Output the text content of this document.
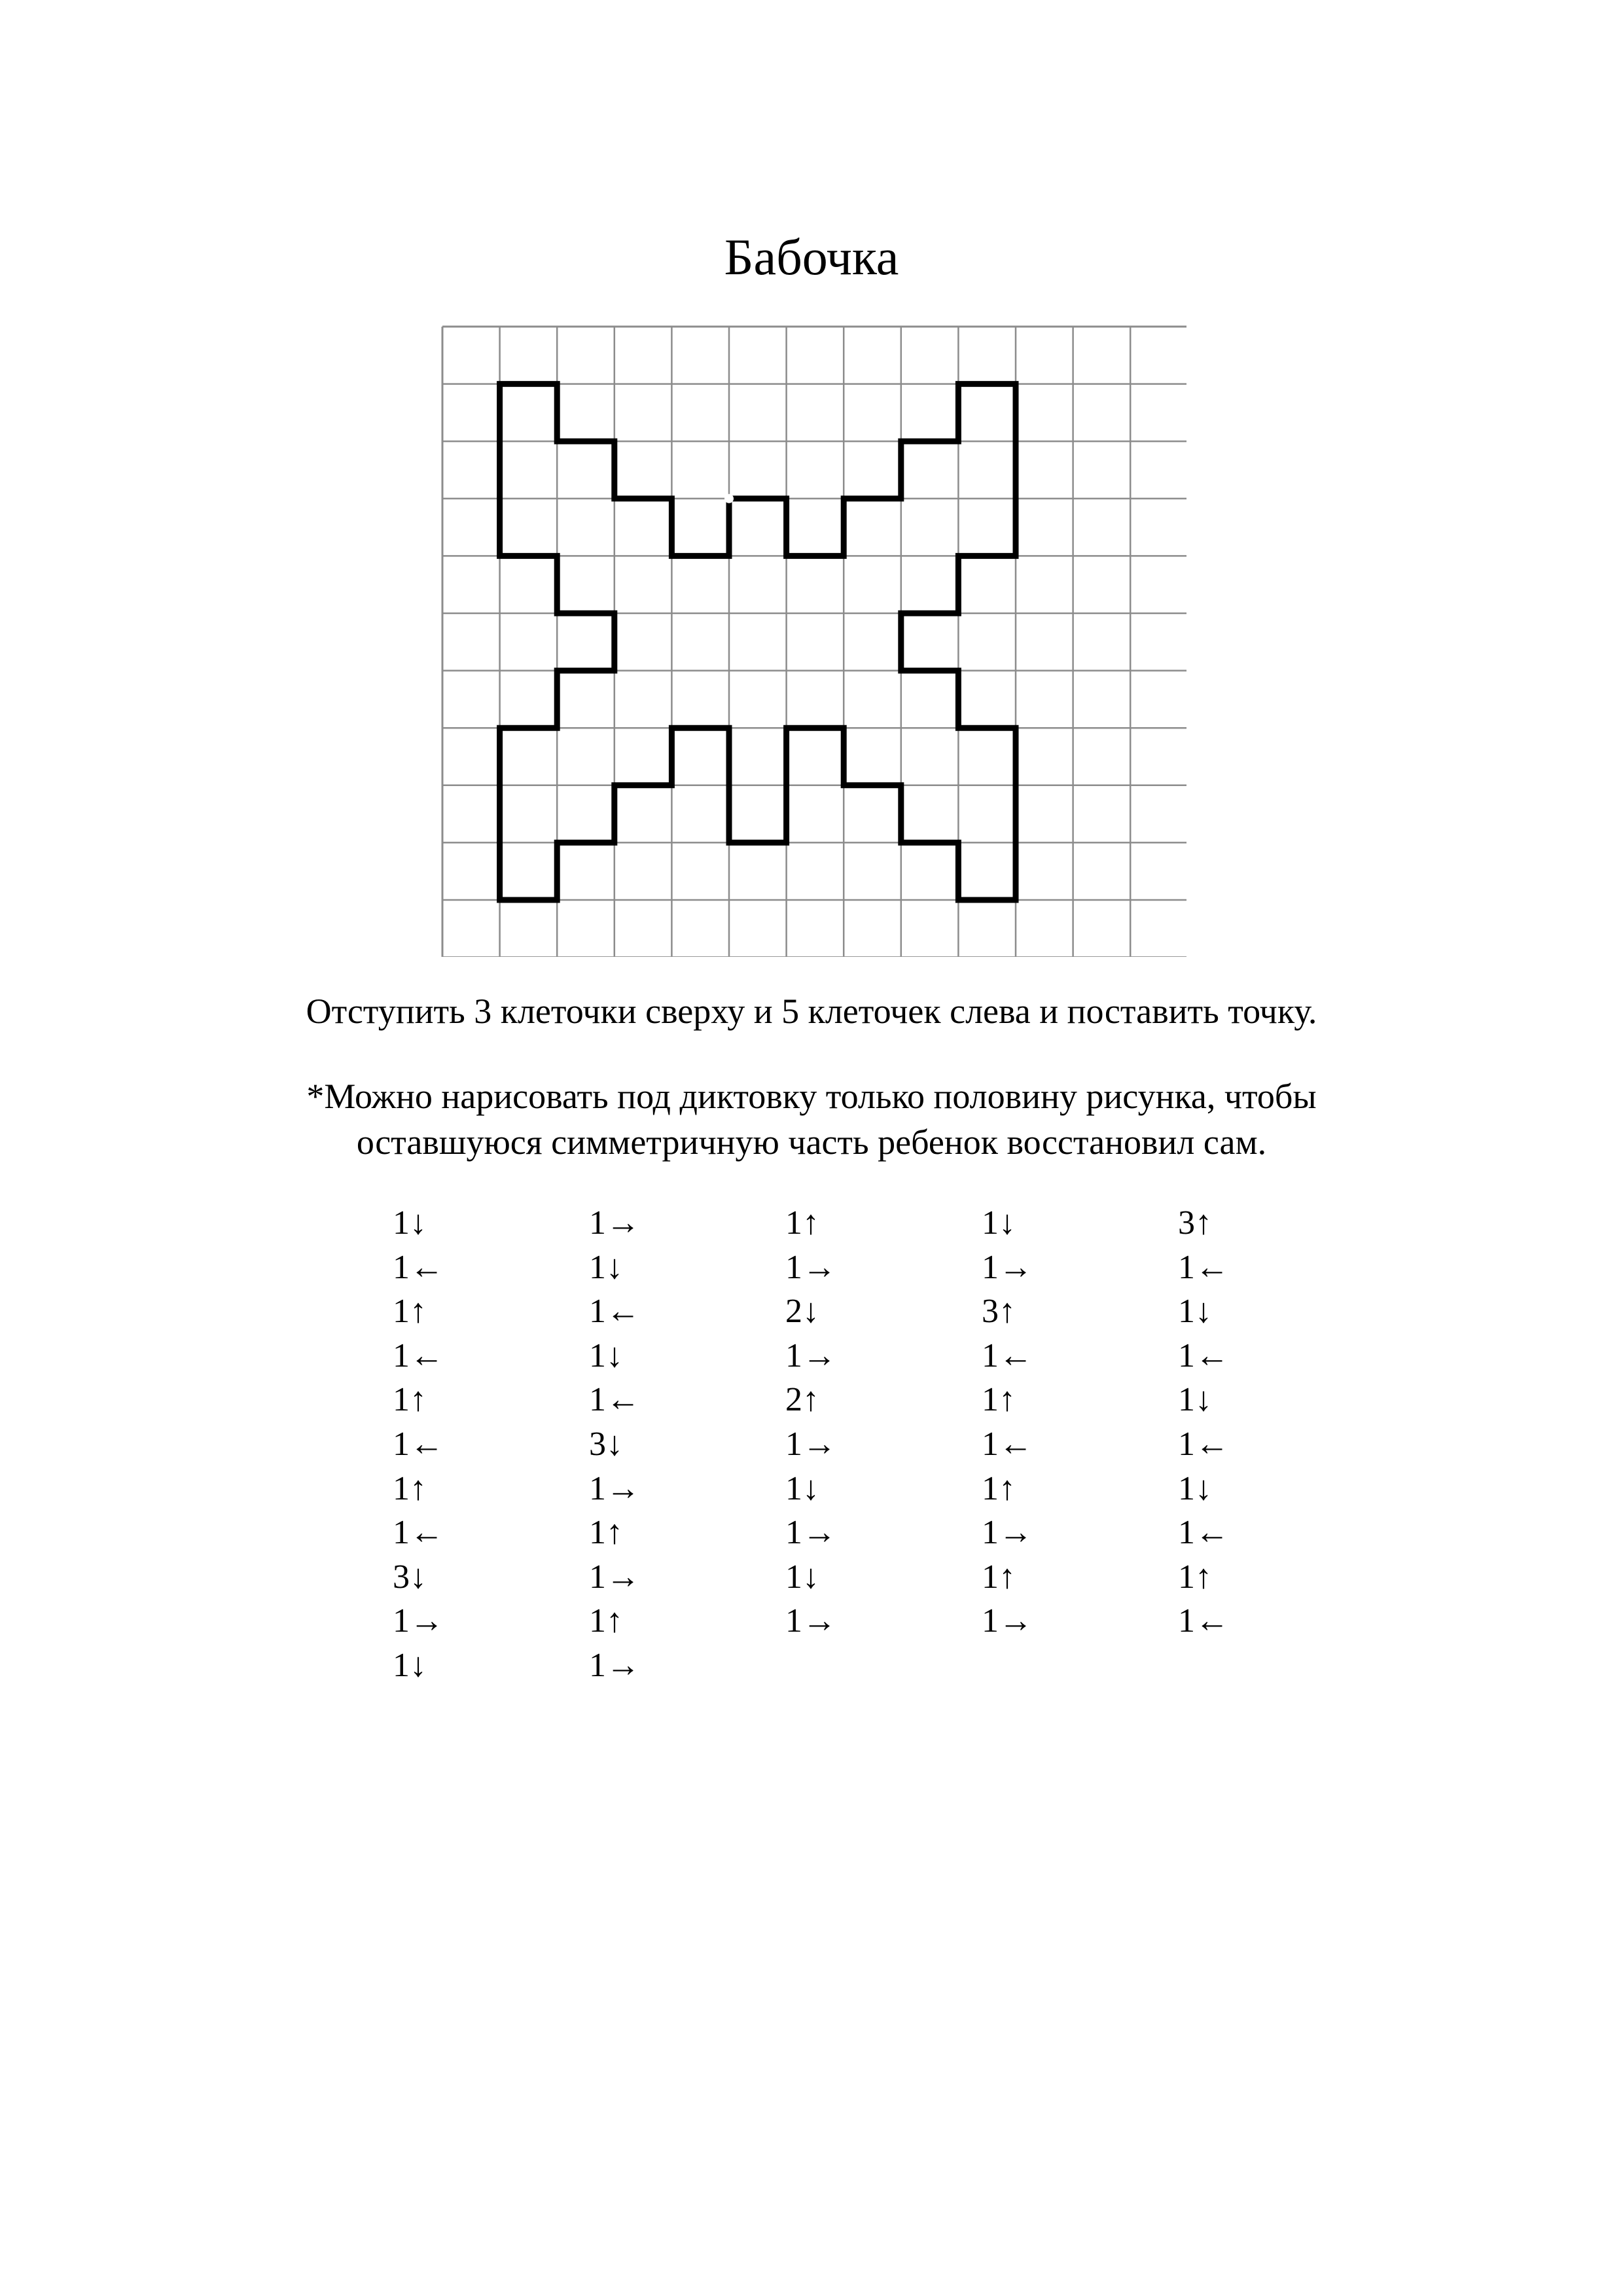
Бабочка
Отступить 3 клеточки сверху и 5 клеточек слева и поставить точку.
*Можно нарисовать под диктовку только половину рисунка, чтобы
оставшуюся симметричную часть ребенок восстановил сам.
1↓
1←
1↑
1←
1↑
1←
1↑
1←
3↓
1→
1↓
1→
1↓
1←
1↓
1←
3↓
1→
1↑
1→
1↑
1→
1↑
1→
2↓
1→
2↑
1→
1↓
1→
1↓
1→
1↓
1→
3↑
1←
1↑
1←
1↑
1→
1↑
1→
3↑
1←
1↓
1←
1↓
1←
1↓
1←
1↑
1←
